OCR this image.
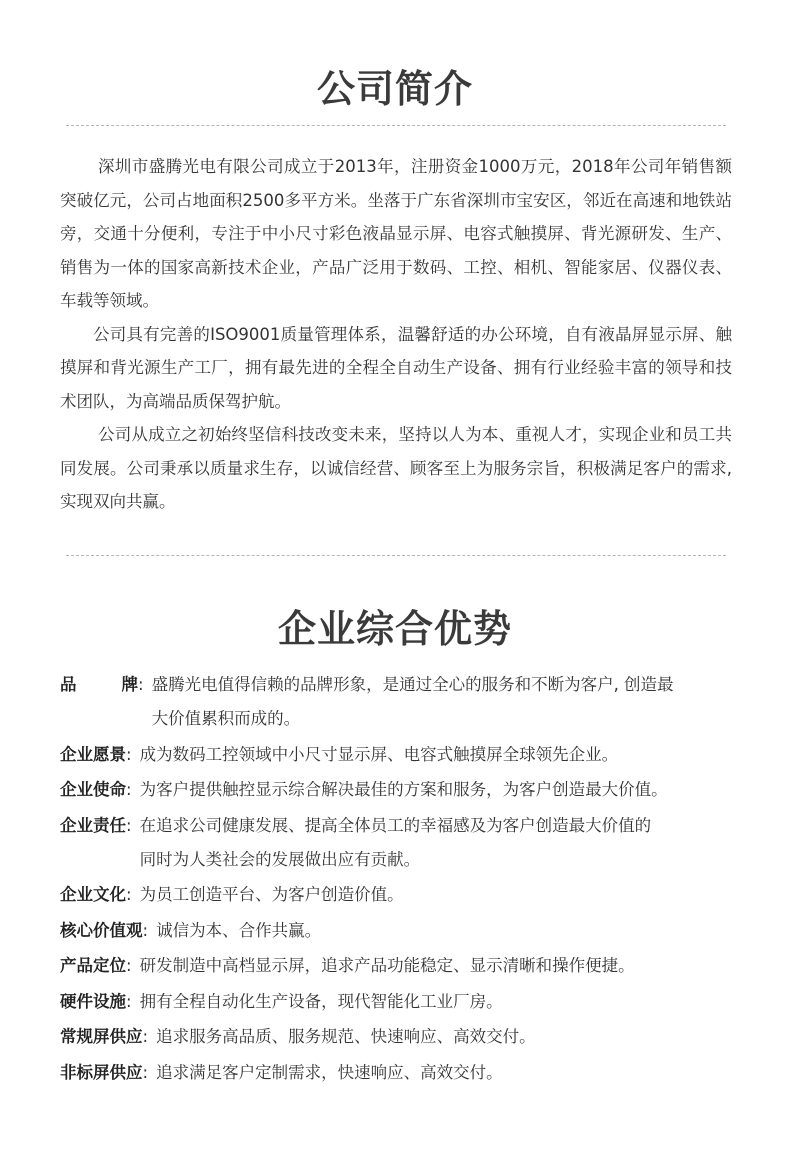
公司简介

深圳市盛腾光电有限公司成立于2013年，注册资金1000万元，2018年公司年销售额突破亿元，公司占地面积2500多平方米。坐落于广东省深圳市宝安区，邻近在高速和地铁站旁，交通十分便利，专注于中小尺寸彩色液晶显示屏、电容式触摸屏、背光源研发、生产、销售为一体的国家高新技术企业，产品广泛用于数码、工控、相机、智能家居、仪器仪表、车载等领域。

公司具有完善的ISO9001质量管理体系，温馨舒适的办公环境，自有液晶屏显示屏、触摸屏和背光源生产工厂，拥有最先进的全程全自动生产设备、拥有行业经验丰富的领导和技术团队，为高端品质保驾护航。

公司从成立之初始终坚信科技改变未来，坚持以人为本、重视人才，实现企业和员工共同发展。公司秉承以质量求生存，以诚信经营、顾客至上为服务宗旨，积极满足客户的需求, 实现双向共赢。

企业综合优势
品牌 : 盛腾光电值得信赖的品牌形象，是通过全心的服务和不断为客户, 创造最
大价值累积而成的。
企业愿景 : 成为数码工控领域中小尺寸显示屏、电容式触摸屏全球领先企业。
企业使命 : 为客户提供触控显示综合解决最佳的方案和服务，为客户创造最大价值。
企业责任 : 在追求公司健康发展、提高全体员工的幸福感及为客户创造最大价值的
同时为人类社会的发展做出应有贡献。
企业文化 : 为员工创造平台、为客户创造价值。
核心价值观 : 诚信为本、合作共赢。
产品定位 : 研发制造中高档显示屏，追求产品功能稳定、显示清晰和操作便捷。
硬件设施 : 拥有全程自动化生产设备，现代智能化工业厂房。
常规屏供应 : 追求服务高品质、服务规范、快速响应、高效交付。
非标屏供应 : 追求满足客户定制需求，快速响应、高效交付。
